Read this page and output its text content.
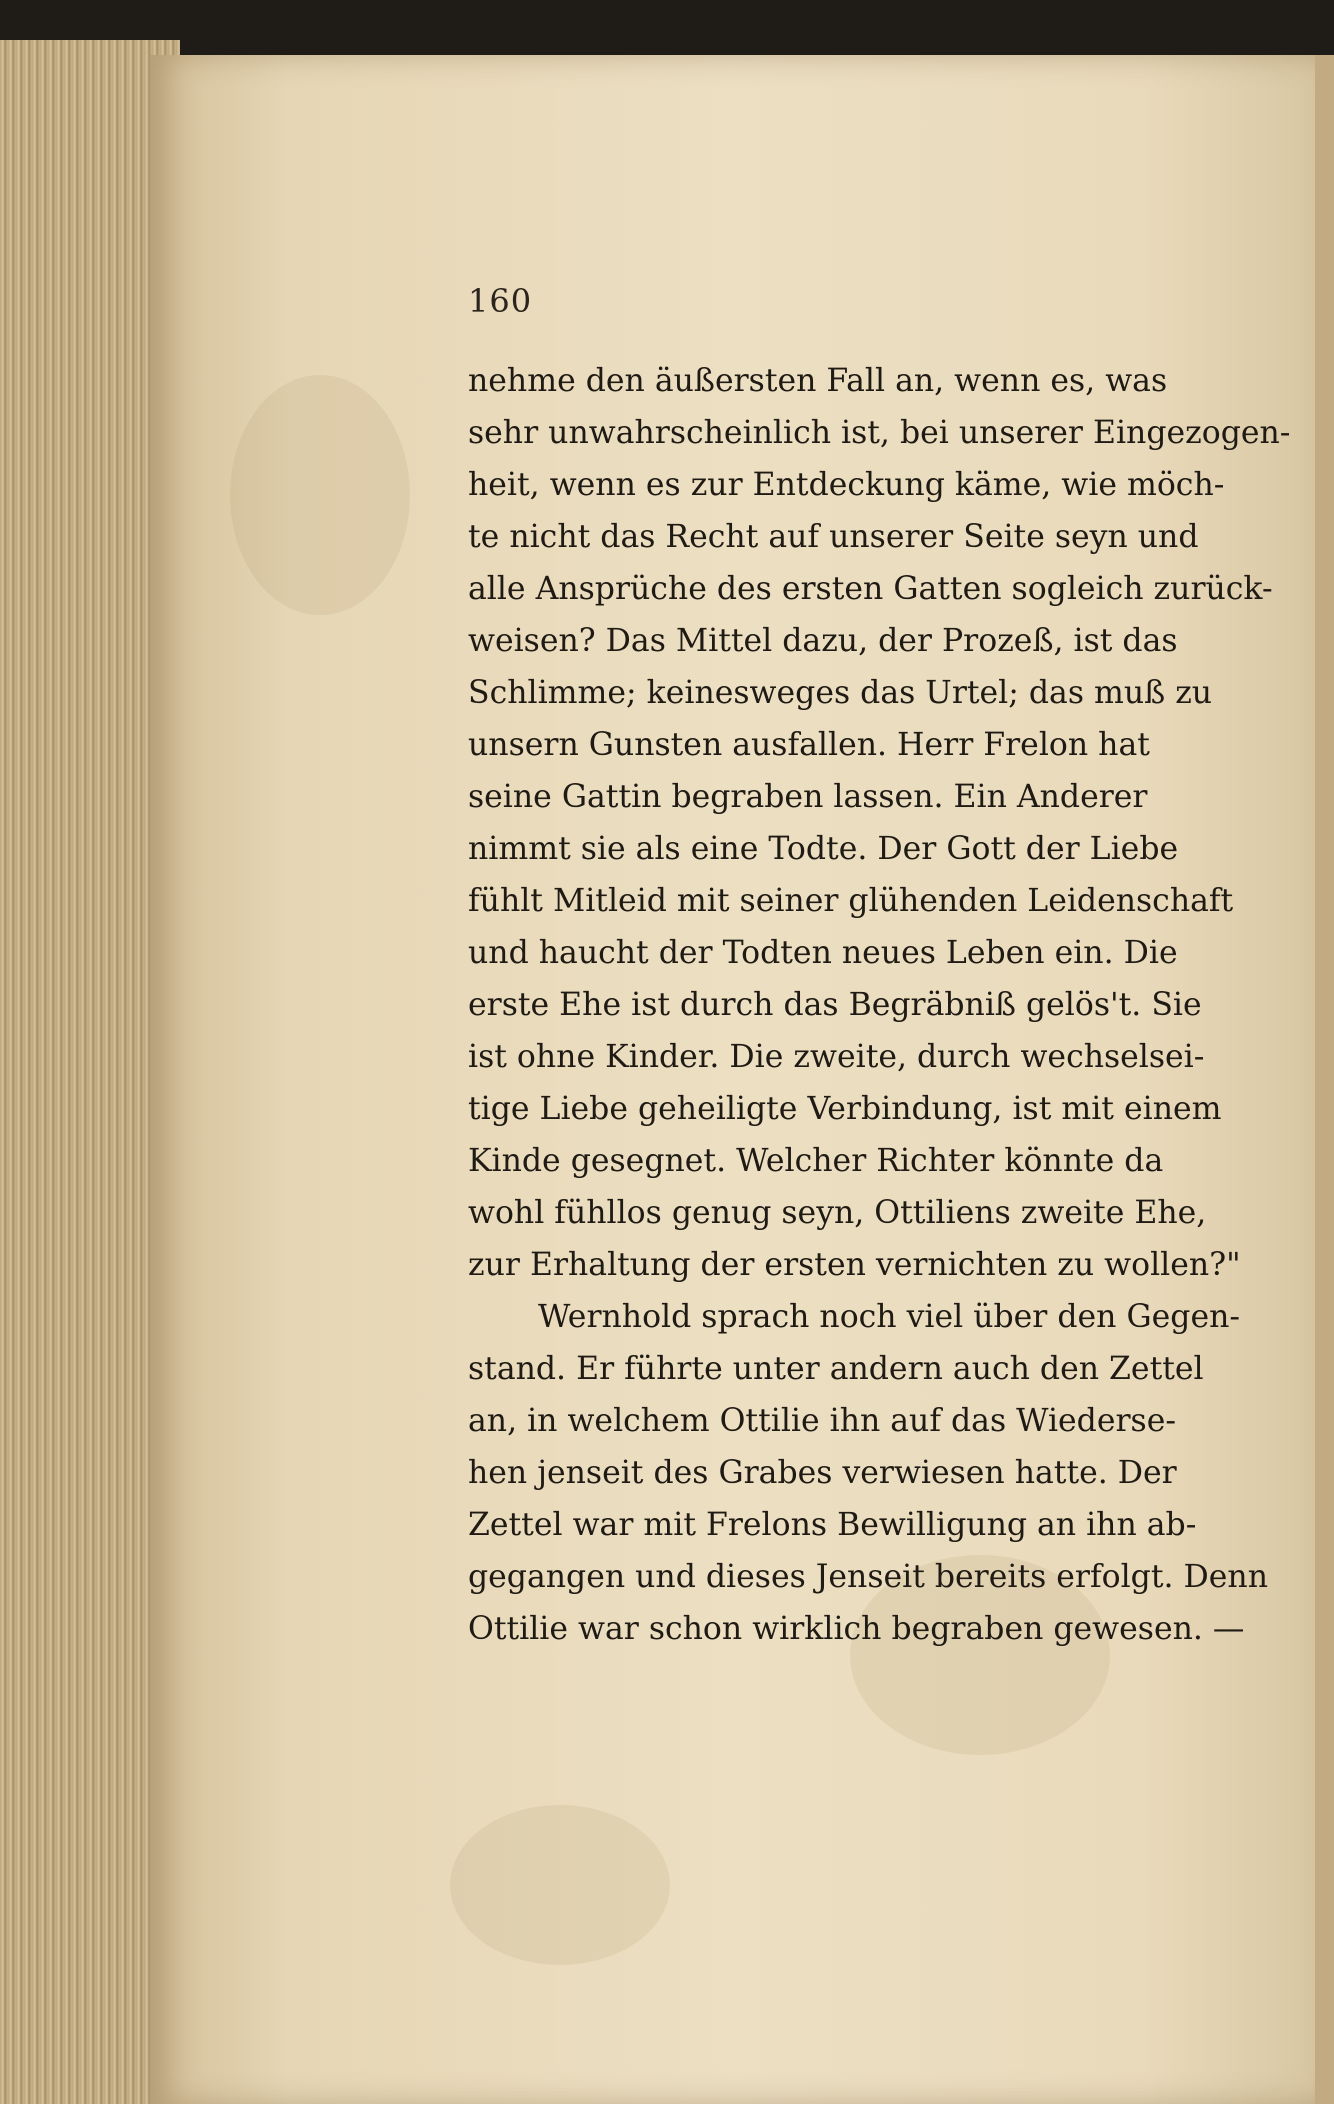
160
nehme den äußersten Fall an, wenn es, was
sehr unwahrscheinlich ist, bei unserer Eingezogen-
heit, wenn es zur Entdeckung käme, wie möch-
te nicht das Recht auf unserer Seite seyn und
alle Ansprüche des ersten Gatten sogleich zurück-
weisen? Das Mittel dazu, der Prozeß, ist das
Schlimme; keinesweges das Urtel; das muß zu
unsern Gunsten ausfallen. Herr Frelon hat
seine Gattin begraben lassen. Ein Anderer
nimmt sie als eine Todte. Der Gott der Liebe
fühlt Mitleid mit seiner glühenden Leidenschaft
und haucht der Todten neues Leben ein. Die
erste Ehe ist durch das Begräbniß gelös't. Sie
ist ohne Kinder. Die zweite, durch wechselsei-
tige Liebe geheiligte Verbindung, ist mit einem
Kinde gesegnet. Welcher Richter könnte da
wohl fühllos genug seyn, Ottiliens zweite Ehe,
zur Erhaltung der ersten vernichten zu wollen?"
Wernhold sprach noch viel über den Gegen-
stand. Er führte unter andern auch den Zettel
an, in welchem Ottilie ihn auf das Wiederse-
hen jenseit des Grabes verwiesen hatte. Der
Zettel war mit Frelons Bewilligung an ihn ab-
gegangen und dieses Jenseit bereits erfolgt. Denn
Ottilie war schon wirklich begraben gewesen. —
